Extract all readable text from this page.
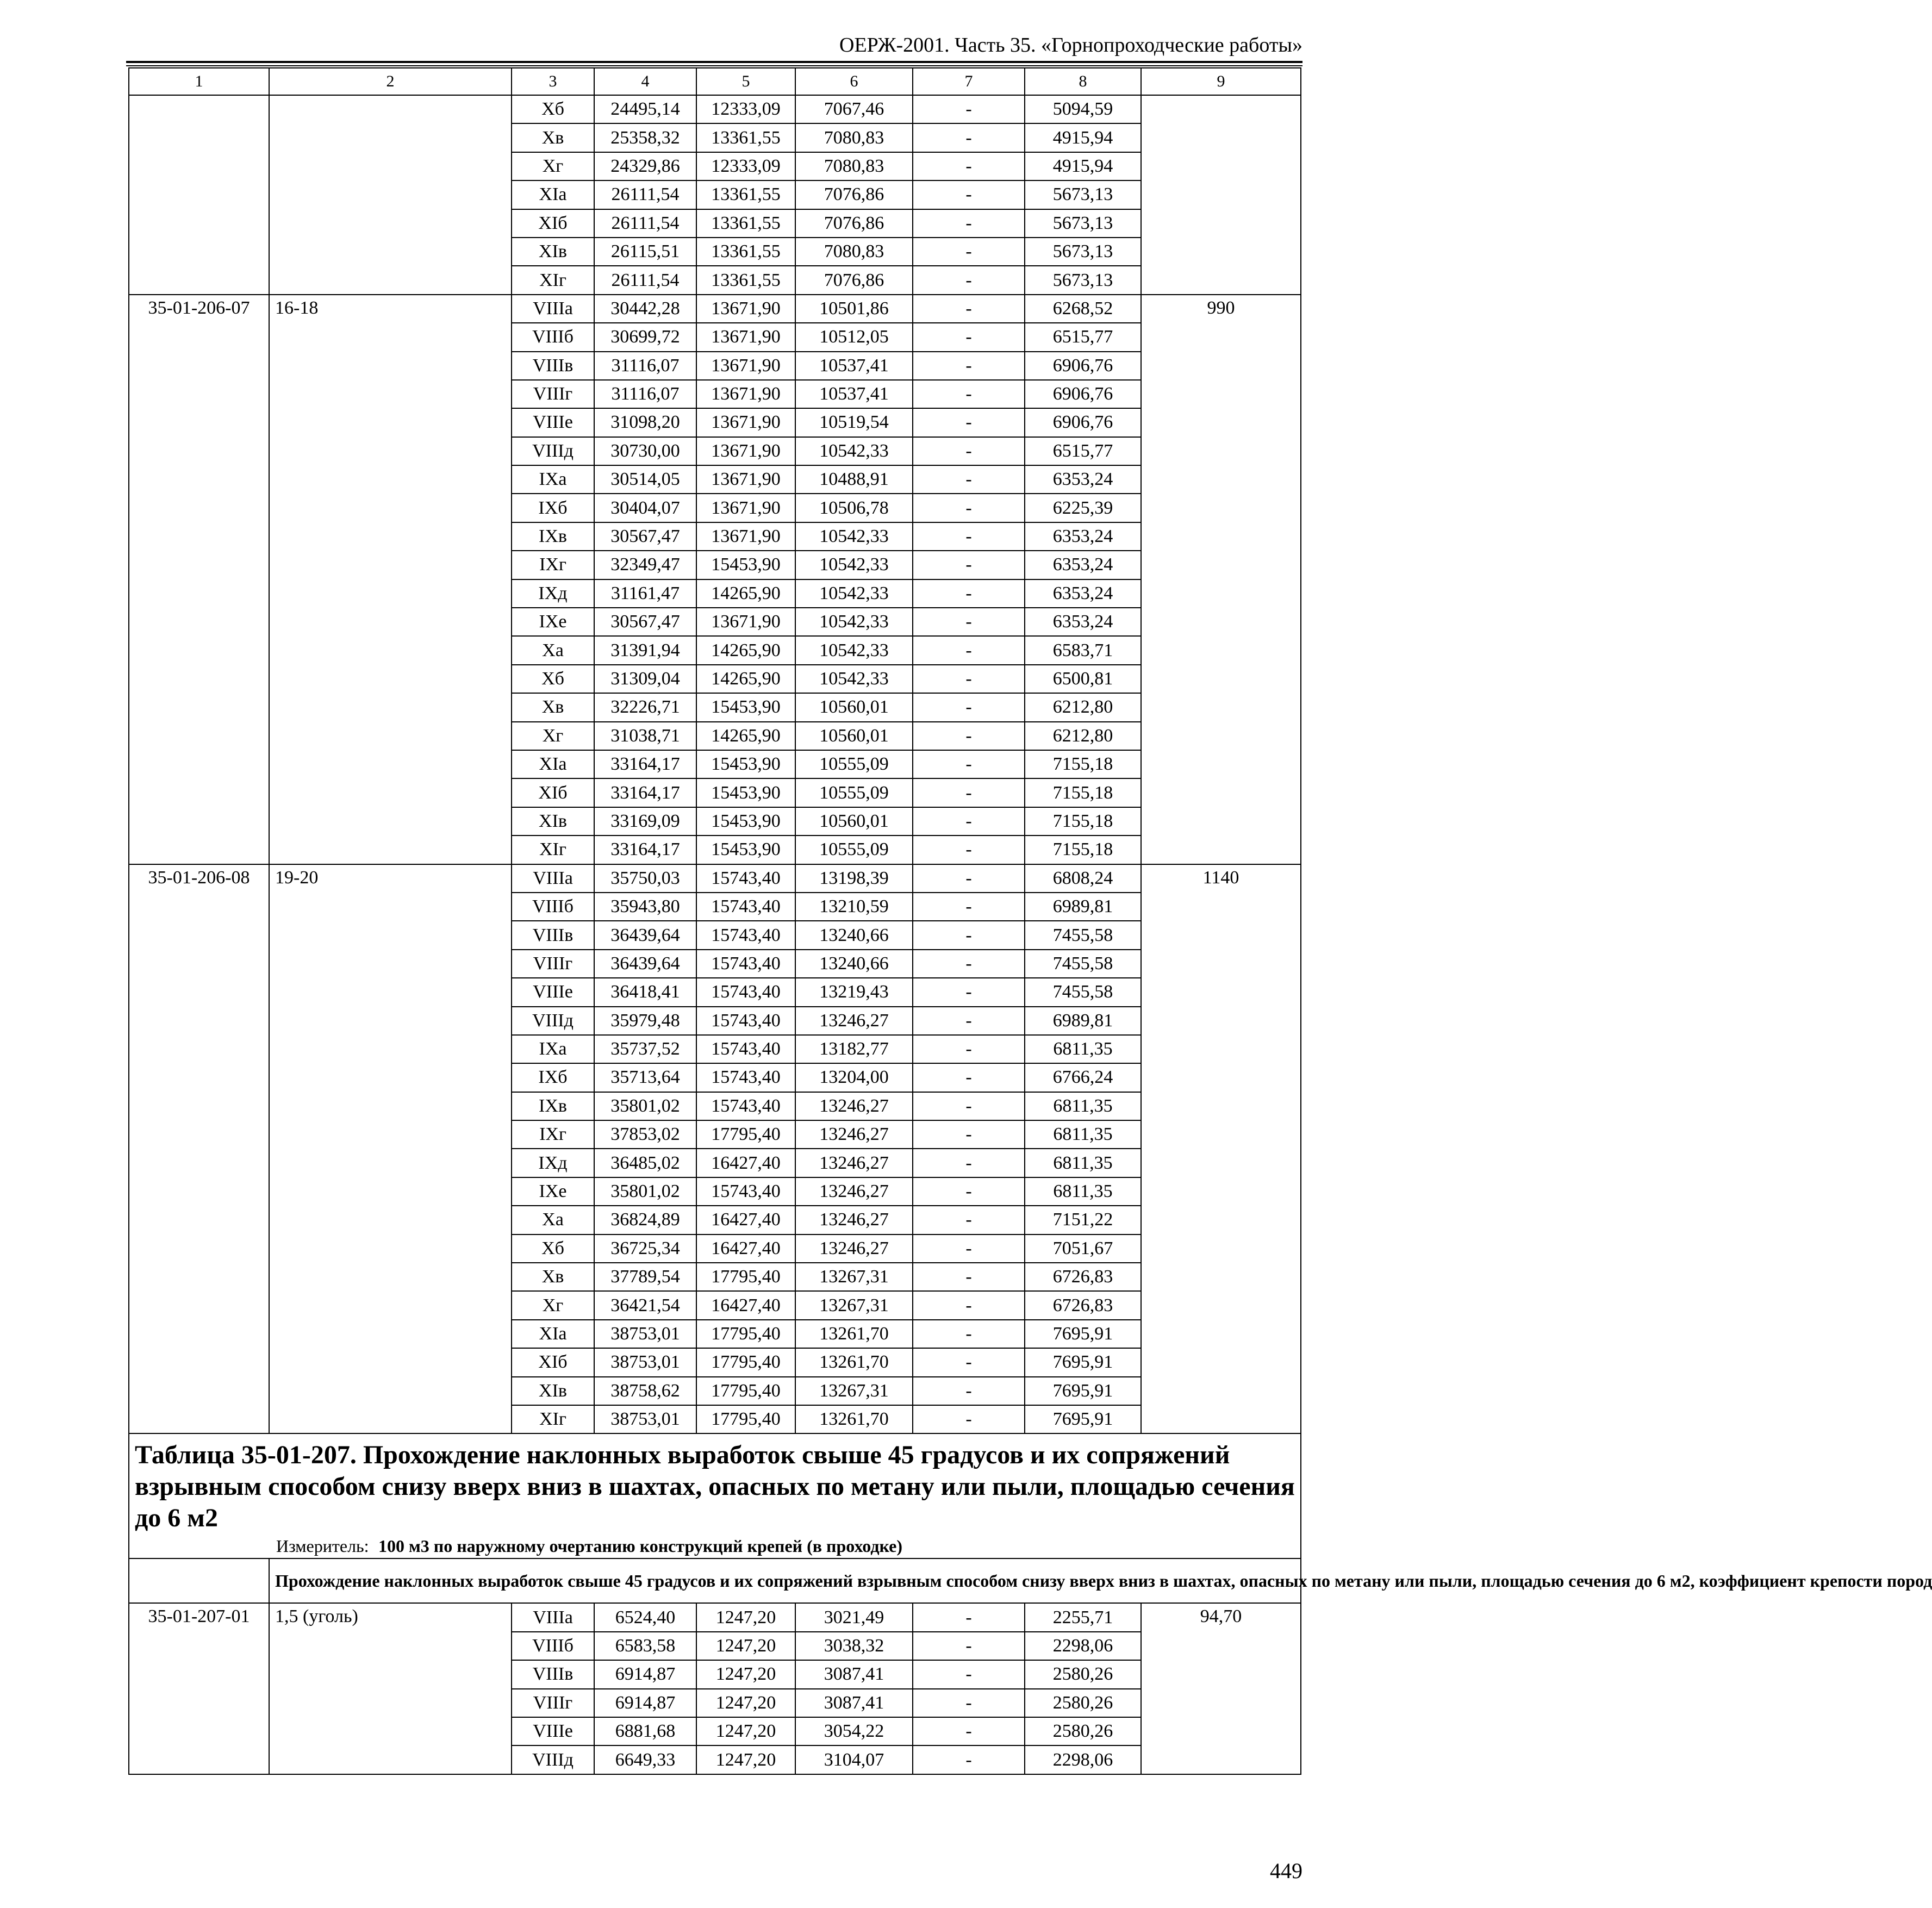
ОЕРЖ-2001. Часть 35. «Горнопроходческие работы»
1	2	3	4	5	6	7	8	9
		Хб	24495,14	12333,09	7067,46	-	5094,59	
		Хв	25358,32	13361,55	7080,83	-	4915,94	
		Хг	24329,86	12333,09	7080,83	-	4915,94	
		ХIа	26111,54	13361,55	7076,86	-	5673,13	
		ХIб	26111,54	13361,55	7076,86	-	5673,13	
		ХIв	26115,51	13361,55	7080,83	-	5673,13	
		ХIг	26111,54	13361,55	7076,86	-	5673,13	
35-01-206-07	16-18	VIIIа	30442,28	13671,90	10501,86	-	6268,52	990
		VIIIб	30699,72	13671,90	10512,05	-	6515,77	
		VIIIв	31116,07	13671,90	10537,41	-	6906,76	
		VIIIг	31116,07	13671,90	10537,41	-	6906,76	
		VIIIе	31098,20	13671,90	10519,54	-	6906,76	
		VIIIд	30730,00	13671,90	10542,33	-	6515,77	
		IХа	30514,05	13671,90	10488,91	-	6353,24	
		IХб	30404,07	13671,90	10506,78	-	6225,39	
		IХв	30567,47	13671,90	10542,33	-	6353,24	
		IХг	32349,47	15453,90	10542,33	-	6353,24	
		IХд	31161,47	14265,90	10542,33	-	6353,24	
		IХе	30567,47	13671,90	10542,33	-	6353,24	
		Ха	31391,94	14265,90	10542,33	-	6583,71	
		Хб	31309,04	14265,90	10542,33	-	6500,81	
		Хв	32226,71	15453,90	10560,01	-	6212,80	
		Хг	31038,71	14265,90	10560,01	-	6212,80	
		ХIа	33164,17	15453,90	10555,09	-	7155,18	
		ХIб	33164,17	15453,90	10555,09	-	7155,18	
		ХIв	33169,09	15453,90	10560,01	-	7155,18	
		ХIг	33164,17	15453,90	10555,09	-	7155,18	
35-01-206-08	19-20	VIIIа	35750,03	15743,40	13198,39	-	6808,24	1140
		VIIIб	35943,80	15743,40	13210,59	-	6989,81	
		VIIIв	36439,64	15743,40	13240,66	-	7455,58	
		VIIIг	36439,64	15743,40	13240,66	-	7455,58	
		VIIIе	36418,41	15743,40	13219,43	-	7455,58	
		VIIIд	35979,48	15743,40	13246,27	-	6989,81	
		IХа	35737,52	15743,40	13182,77	-	6811,35	
		IХб	35713,64	15743,40	13204,00	-	6766,24	
		IХв	35801,02	15743,40	13246,27	-	6811,35	
		IХг	37853,02	17795,40	13246,27	-	6811,35	
		IХд	36485,02	16427,40	13246,27	-	6811,35	
		IХе	35801,02	15743,40	13246,27	-	6811,35	
		Ха	36824,89	16427,40	13246,27	-	7151,22	
		Хб	36725,34	16427,40	13246,27	-	7051,67	
		Хв	37789,54	17795,40	13267,31	-	6726,83	
		Хг	36421,54	16427,40	13267,31	-	6726,83	
		ХIа	38753,01	17795,40	13261,70	-	7695,91	
		ХIб	38753,01	17795,40	13261,70	-	7695,91	
		ХIв	38758,62	17795,40	13267,31	-	7695,91	
		ХIг	38753,01	17795,40	13261,70	-	7695,91	

Таблица 35-01-207. Прохождение наклонных выработок свыше 45 градусов и их сопряжений взрывным способом снизу вверх вниз в шахтах, опасных по метану или пыли, площадью сечения до 6 м2
Измеритель: 100 м3 по наружному очертанию конструкций крепей (в проходке)								

	Прохождение наклонных выработок свыше 45 градусов и их сопряжений взрывным способом снизу вверх вниз в шахтах, опасных по метану или пыли, площадью сечения до 6 м2, коэффициент крепости пород							
35-01-207-01	1,5 (уголь)	VIIIа	6524,40	1247,20	3021,49	-	2255,71	94,70
		VIIIб	6583,58	1247,20	3038,32	-	2298,06	
		VIIIв	6914,87	1247,20	3087,41	-	2580,26	
		VIIIг	6914,87	1247,20	3087,41	-	2580,26	
		VIIIе	6881,68	1247,20	3054,22	-	2580,26	
		VIIIд	6649,33	1247,20	3104,07	-	2298,06	
449
